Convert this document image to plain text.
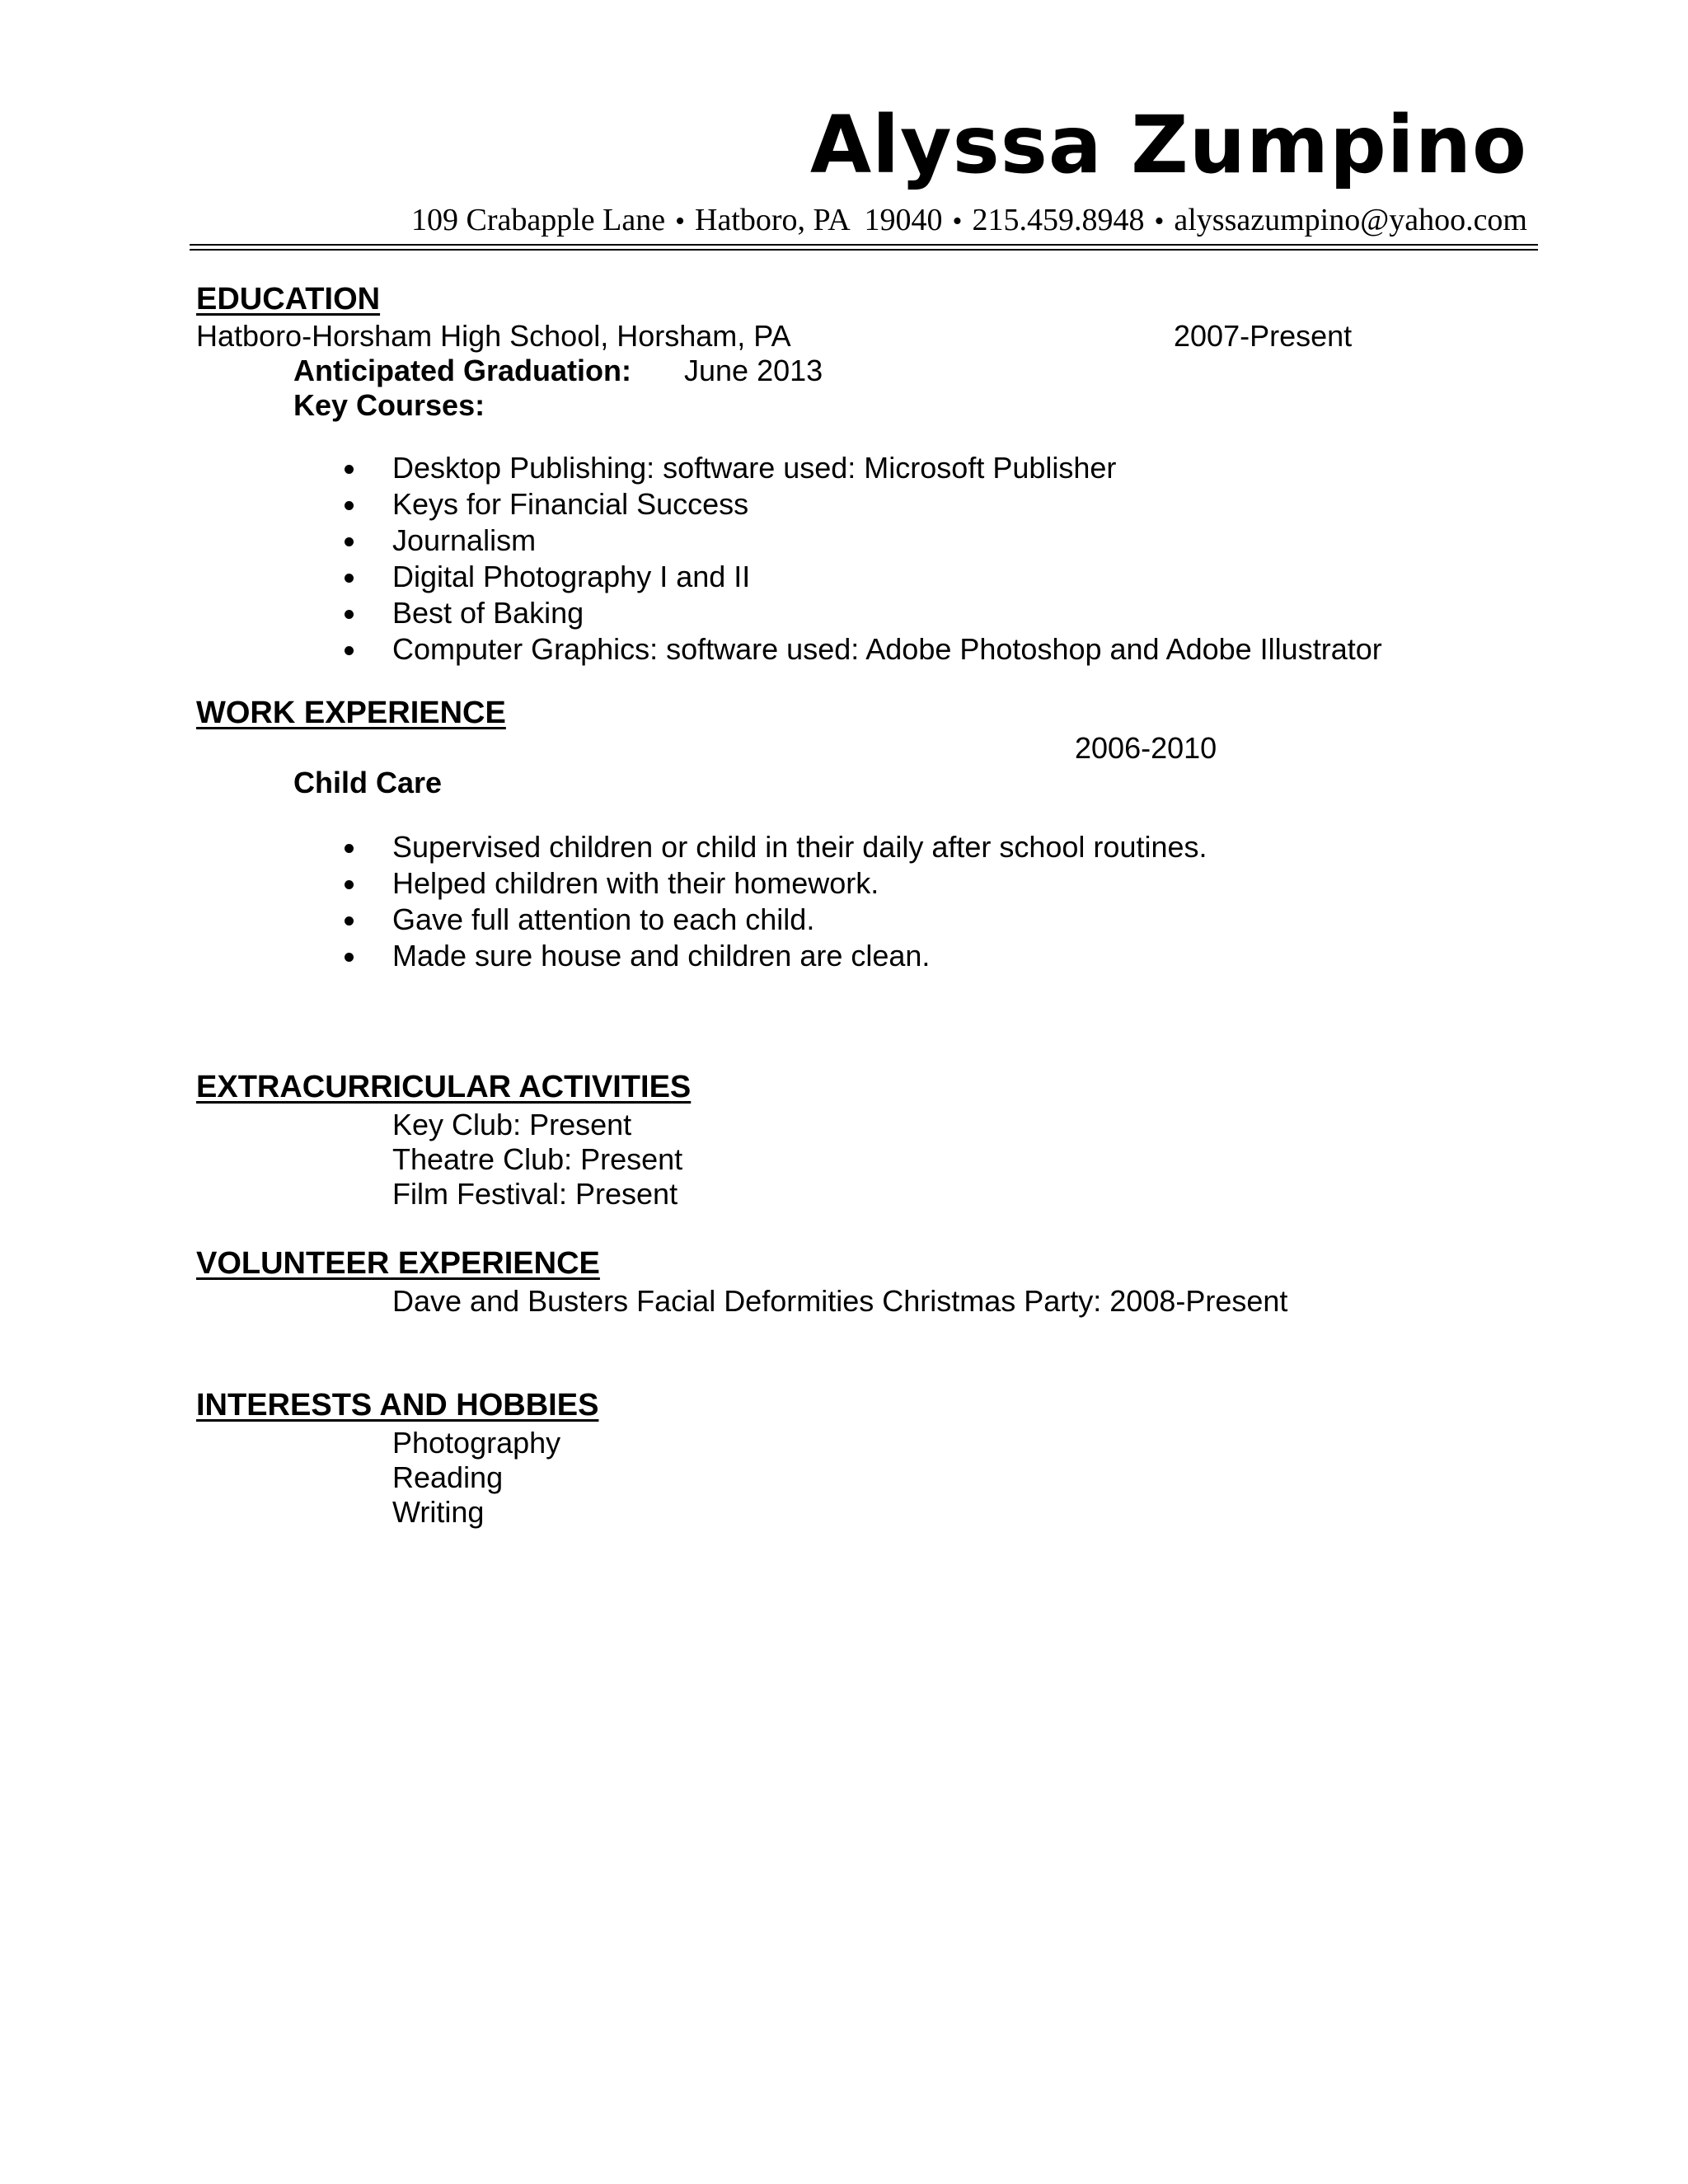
Alyssa Zumpino
109 Crabapple Lane • Hatboro, PA  19040 • 215.459.8948 • alyssazumpino@yahoo.com
EDUCATION
Hatboro-Horsham High School, Horsham, PA	2007-Present
Anticipated Graduation: June 2013
Key Courses:
Desktop Publishing: software used: Microsoft Publisher
Keys for Financial Success
Journalism
Digital Photography I and II
Best of Baking
Computer Graphics: software used: Adobe Photoshop and Adobe Illustrator
WORK EXPERIENCE
2006-2010
Child Care
Supervised children or child in their daily after school routines.
Helped children with their homework.
Gave full attention to each child.
Made sure house and children are clean.
EXTRACURRICULAR ACTIVITIES
Key Club: Present
Theatre Club: Present
Film Festival: Present
VOLUNTEER EXPERIENCE
Dave and Busters Facial Deformities Christmas Party: 2008-Present
INTERESTS AND HOBBIES
Photography
Reading
Writing
